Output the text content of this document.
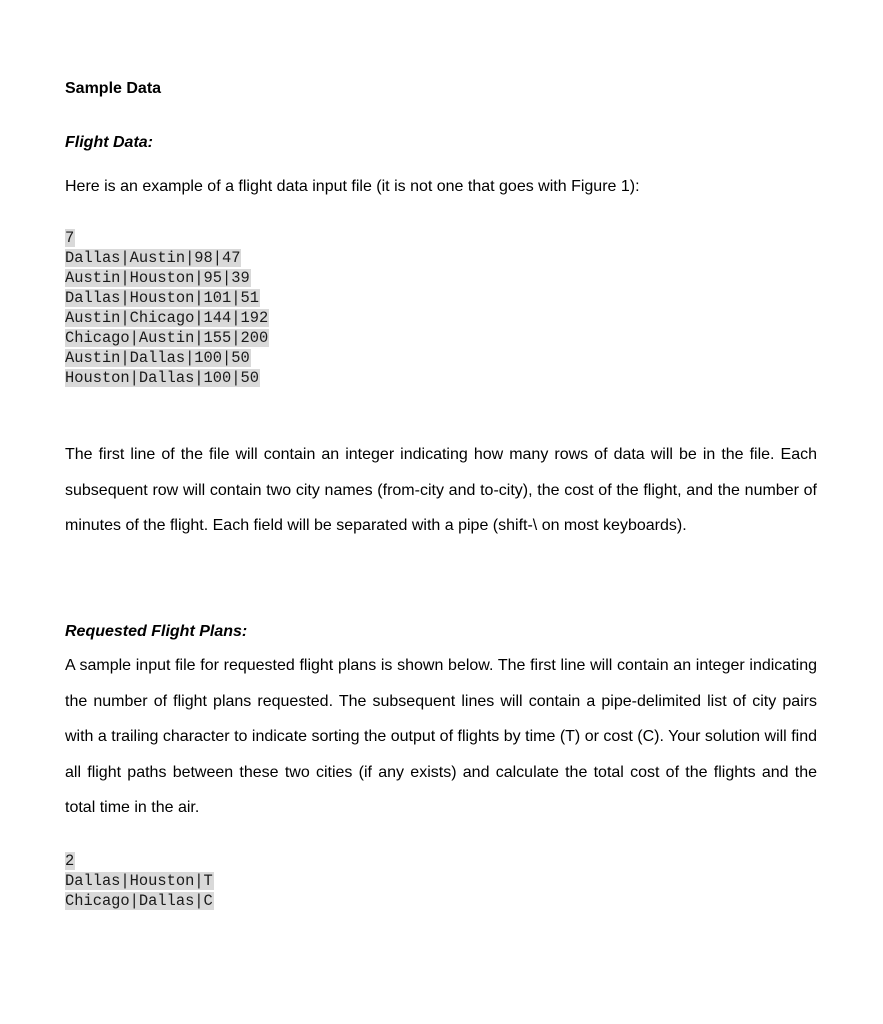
Sample Data
Flight Data:

Here is an example of a flight data input file (it is not one that goes with Figure 1):

7
Dallas|Austin|98|47
Austin|Houston|95|39
Dallas|Houston|101|51
Austin|Chicago|144|192
Chicago|Austin|155|200
Austin|Dallas|100|50
Houston|Dallas|100|50

The first line of the file will contain an integer indicating how many rows of data will be in the file. Each subsequent row will contain two city names (from-city and to-city), the cost of the flight, and the number of minutes of the flight. Each field will be separated with a pipe (shift-\ on most keyboards).

Requested Flight Plans:

A sample input file for requested flight plans is shown below. The first line will contain an integer indicating the number of flight plans requested. The subsequent lines will contain a pipe-delimited list of city pairs with a trailing character to indicate sorting the output of flights by time (T) or cost (C). Your solution will find all flight paths between these two cities (if any exists) and calculate the total cost of the flights and the total time in the air.

2
Dallas|Houston|T
Chicago|Dallas|C
